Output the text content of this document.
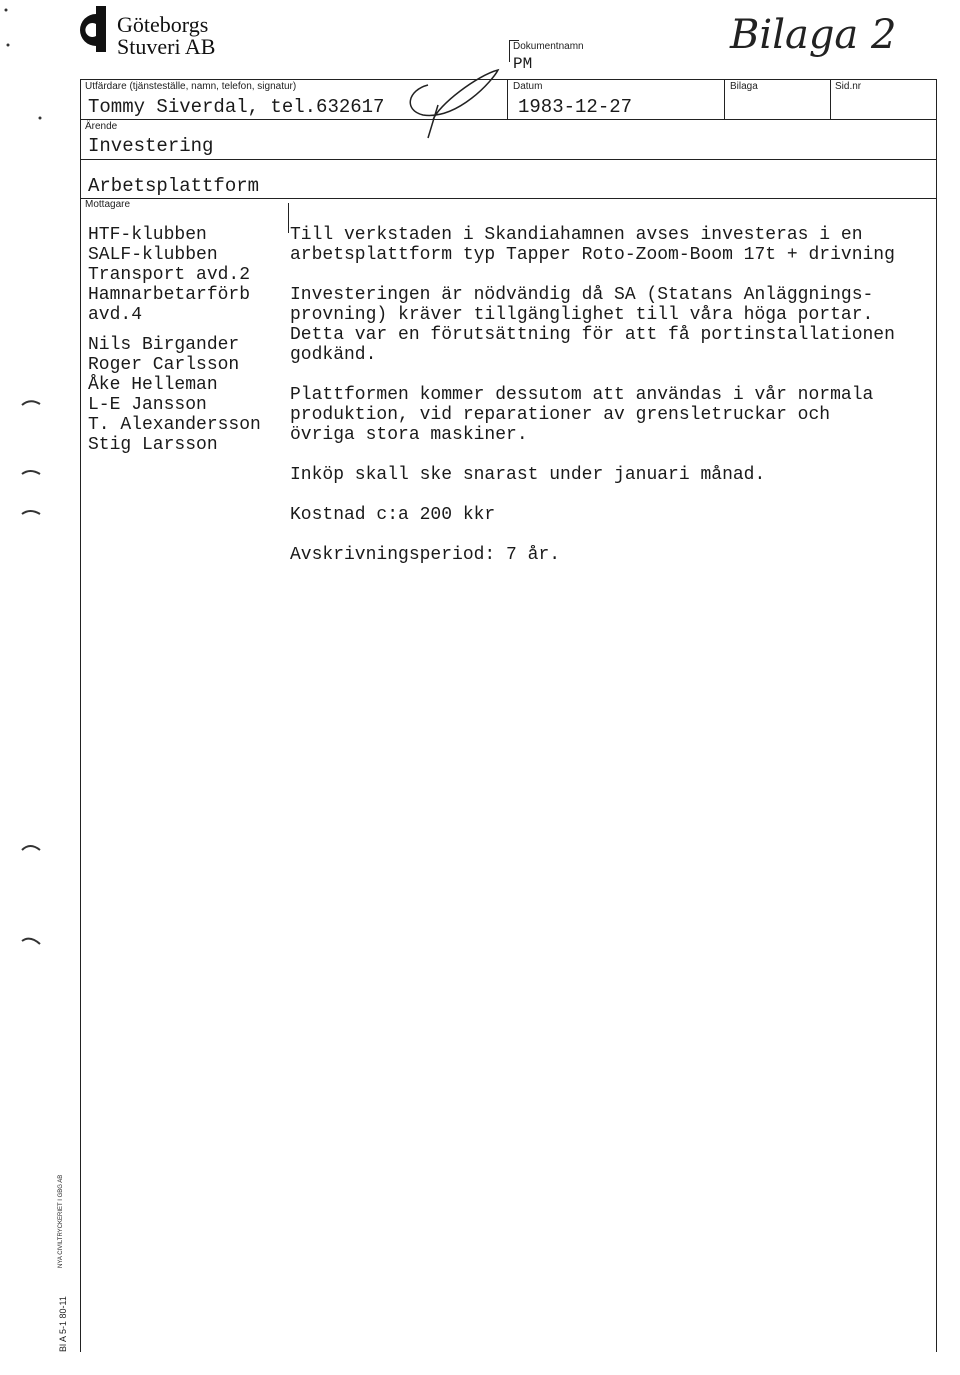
Göteborgs
Stuveri AB	Bilaga 2
Dokumentnamn
PM
Utfärdare (tjänsteställe, namn, telefon, signatur)
Tommy Siverdal, tel.632617
Datum
1983-12-27
Bilaga	Sid.nr
Ärende
Investering
Arbetsplattform
Mottagare
HTF-klubben
SALF-klubben
Transport avd.2
Hamnarbetarförb
avd.4
Nils Birgander
Roger Carlsson
Åke Helleman
L-E Jansson
T. Alexandersson
Stig Larsson
Till verkstaden i Skandiahamnen avses investeras i en
arbetsplattform typ Tapper Roto-Zoom-Boom 17t + drivning
Investeringen är nödvändig då SA (Statans Anläggnings-
provning) kräver tillgänglighet till våra höga portar.
Detta var en förutsättning för att få portinstallationen
godkänd.
Plattformen kommer dessutom att användas i vår normala
produktion, vid reparationer av grensletruckar och
övriga stora maskiner.
Inköp skall ske snarast under januari månad.
Kostnad c:a 200 kkr
Avskrivningsperiod: 7 år.
Bl A 5-1 80-11
NYA CIVILTRYCKERIET I GBG AB
